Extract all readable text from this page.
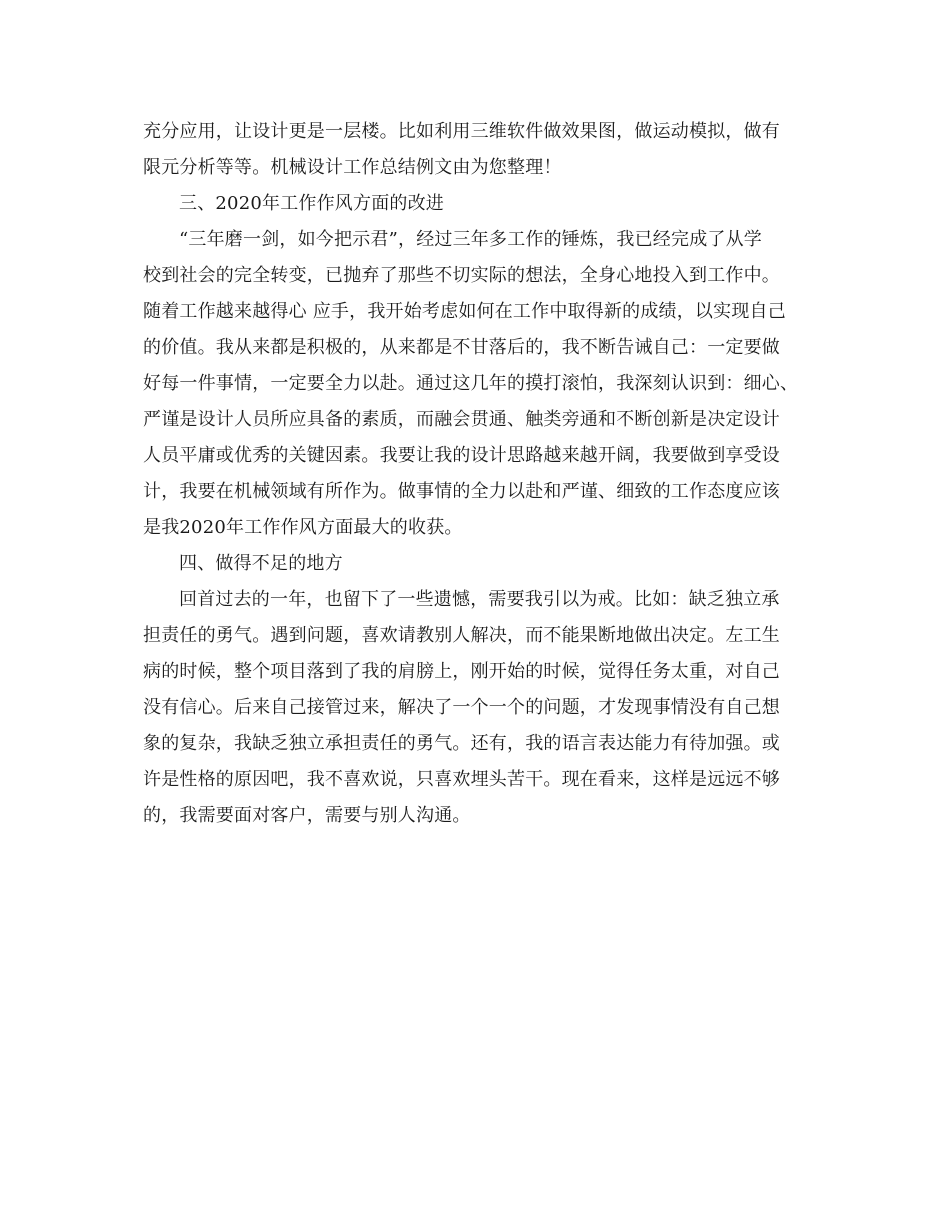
充分应用，让设计更是一层楼。比如利用三维软件做效果图，做运动模拟，做有
限元分析等等。机械设计工作总结例文由为您整理！
三、2020年工作作风方面的改进
“三年磨一剑，如今把示君”，经过三年多工作的锤炼，我已经完成了从学
校到社会的完全转变，已抛弃了那些不切实际的想法，全身心地投入到工作中。
随着工作越来越得心 应手，我开始考虑如何在工作中取得新的成绩，以实现自己
的价值。我从来都是积极的，从来都是不甘落后的，我不断告诫自己：一定要做
好每一件事情，一定要全力以赴。通过这几年的摸打滚怕，我深刻认识到：细心、
严谨是设计人员所应具备的素质，而融会贯通、触类旁通和不断创新是决定设计
人员平庸或优秀的关键因素。我要让我的设计思路越来越开阔，我要做到享受设
计，我要在机械领域有所作为。做事情的全力以赴和严谨、细致的工作态度应该
是我2020年工作作风方面最大的收获。
四、做得不足的地方
回首过去的一年，也留下了一些遗憾，需要我引以为戒。比如：缺乏独立承
担责任的勇气。遇到问题，喜欢请教别人解决，而不能果断地做出决定。左工生
病的时候，整个项目落到了我的肩膀上，刚开始的时候，觉得任务太重，对自己
没有信心。后来自己接管过来，解决了一个一个的问题，才发现事情没有自己想
象的复杂，我缺乏独立承担责任的勇气。还有，我的语言表达能力有待加强。或
许是性格的原因吧，我不喜欢说，只喜欢埋头苦干。现在看来，这样是远远不够
的，我需要面对客户，需要与别人沟通。
